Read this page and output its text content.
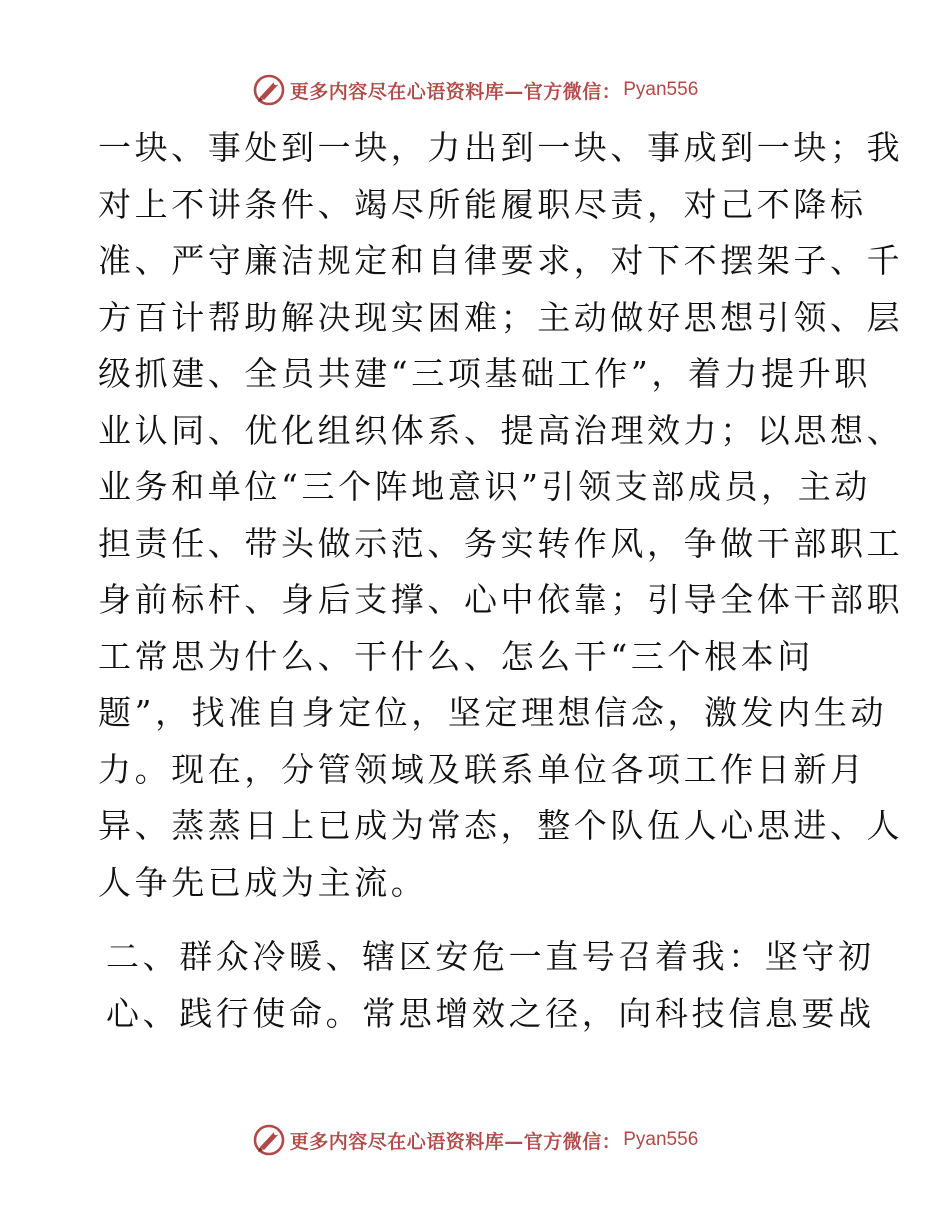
更多内容尽在心语资料库—官方微信： Pyan556

一块、事处到一块，力出到一块、事成到一块；我
对上不讲条件、竭尽所能履职尽责，对己不降标
准、严守廉洁规定和自律要求，对下不摆架子、千
方百计帮助解决现实困难；主动做好思想引领、层
级抓建、全员共建“三项基础工作”，着力提升职
业认同、优化组织体系、提高治理效力；以思想、
业务和单位“三个阵地意识”引领支部成员，主动
担责任、带头做示范、务实转作风，争做干部职工
身前标杆、身后支撑、心中依靠；引导全体干部职
工常思为什么、干什么、怎么干“三个根本问
题”，找准自身定位，坚定理想信念，激发内生动
力。现在，分管领域及联系单位各项工作日新月
异、蒸蒸日上已成为常态，整个队伍人心思进、人
人争先已成为主流。

二、群众冷暖、辖区安危一直号召着我：坚守初
心、践行使命。常思增效之径，向科技信息要战

更多内容尽在心语资料库—官方微信： Pyan556
